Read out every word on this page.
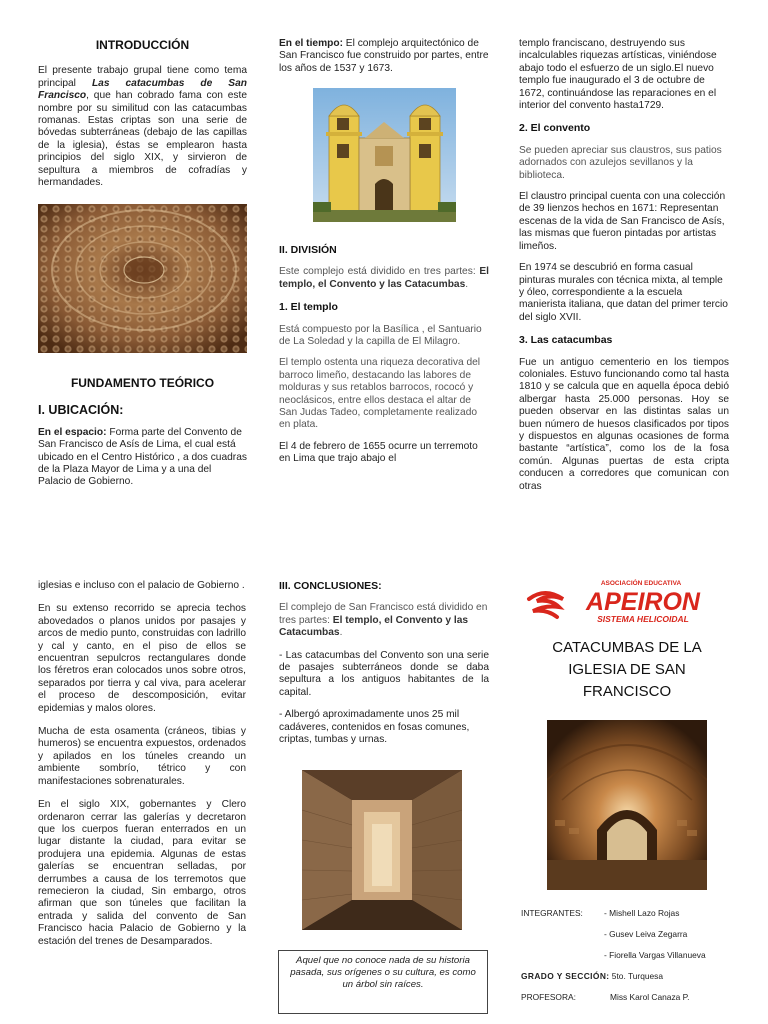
INTRODUCCIÓN

El presente trabajo grupal tiene como tema principal Las catacumbas de San Francisco, que han cobrado fama con este nombre por su similitud con las catacumbas romanas. Estas criptas son una serie de bóvedas subterráneas (debajo de las capillas de la iglesia), éstas se emplearon hasta principios del siglo XIX, y sirvieron de sepultura a miembros de cofradías y hermandades.

FUNDAMENTO TEÓRICO
I. UBICACIÓN:

En el espacio: Forma parte del Convento de San Francisco de Asís de Lima, el cual está ubicado en el Centro Histórico , a dos cuadras de la Plaza Mayor de Lima y a una del Palacio de Gobierno.

En el tiempo: El complejo arquitectónico de San Francisco fue construido por partes, entre los años de 1537 y 1673.

II. DIVISIÓN

Este complejo está dividido en tres partes: El templo, el Convento y las Catacumbas.

1. El templo

Está compuesto por la Basílica , el Santuario de La Soledad y la capilla de El Milagro.

El templo ostenta una riqueza decorativa del barroco limeño, destacando las labores de molduras y sus retablos barrocos, rococó y neoclásicos, entre ellos destaca el altar de San Judas Tadeo, completamente realizado en plata.

El 4 de febrero de 1655 ocurre un terremoto en Lima que trajo abajo el

templo franciscano, destruyendo sus incalculables riquezas artísticas, viniéndose abajo todo el esfuerzo de un siglo.El nuevo templo fue inaugurado el 3 de octubre de 1672, continuándose las reparaciones en el interior del convento hasta1729.

2. El convento

Se pueden apreciar sus claustros, sus patios adornados con azulejos sevillanos y la biblioteca.

El claustro principal cuenta con una colección de 39 lienzos hechos en 1671: Representan escenas de la vida de San Francisco de Asís, las mismas que fueron pintadas por artistas limeños.

En 1974 se descubrió en forma casual pinturas murales con técnica mixta, al temple y óleo, correspondiente a la escuela manierista italiana, que datan del primer tercio del siglo XVII.

3. Las catacumbas

Fue un antiguo cementerio en los tiempos coloniales. Estuvo funcionando como tal hasta 1810 y se calcula que en aquella época debió albergar hasta 25.000 personas. Hoy se pueden observar en las distintas salas un buen número de huesos clasificados por tipos y dispuestos en algunas ocasiones de forma bastante “artística”, como los de la fosa común. Algunas puertas de esta cripta conducen a corredores que comunican con otras

iglesias e incluso con el palacio de Gobierno .

En su extenso recorrido se aprecia techos abovedados o planos unidos por pasajes y arcos de medio punto, construidas con ladrillo y cal y canto, en el piso de ellos se encuentran sepulcros rectangulares donde los féretros eran colocados unos sobre otros, separados por tierra y cal viva, para acelerar el proceso de descomposición, evitar epidemias y malos olores.

Mucha de esta osamenta (cráneos, tibias y humeros) se encuentra expuestos, ordenados y apilados en los túneles creando un ambiente sombrío, tétrico y con manifestaciones sobrenaturales.

En el siglo XIX, gobernantes y Clero ordenaron cerrar las galerías y decretaron que los cuerpos fueran enterrados en un lugar distante la ciudad, para evitar se produjera una epidemia. Algunas de estas galerías se encuentran selladas, por derrumbes a causa de los terremotos que remecieron la ciudad, Sin embargo, otros afirman que son túneles que facilitan la entrada y salida del convento de San Francisco hacia Palacio de Gobierno y la estación del trenes de Desamparados.

III. CONCLUSIONES:

El complejo de San Francisco está dividido en tres partes: El templo, el Convento y las Catacumbas.

- Las catacumbas del Convento son una serie de pasajes subterráneos donde se daba sepultura a los antiguos habitantes de la capital.

- Albergó aproximadamente unos 25 mil cadáveres, contenidos en fosas comunes, criptas, tumbas y urnas.

Aquel que no conoce nada de su historia pasada, sus orígenes o su cultura, es como un árbol sin raíces.
ASOCIACIÓN EDUCATIVA
APEIRON
SISTEMA HELICOIDAL
CATACUMBAS DE LA IGLESIA DE SAN FRANCISCO
INTEGRANTES:	- Mishell Lazo Rojas
- Gusev Leiva Zegarra
- Fiorella Vargas Villanueva
GRADO Y SECCIÓN: 5to. Turquesa
PROFESORA:	Miss Karol Canaza P.
